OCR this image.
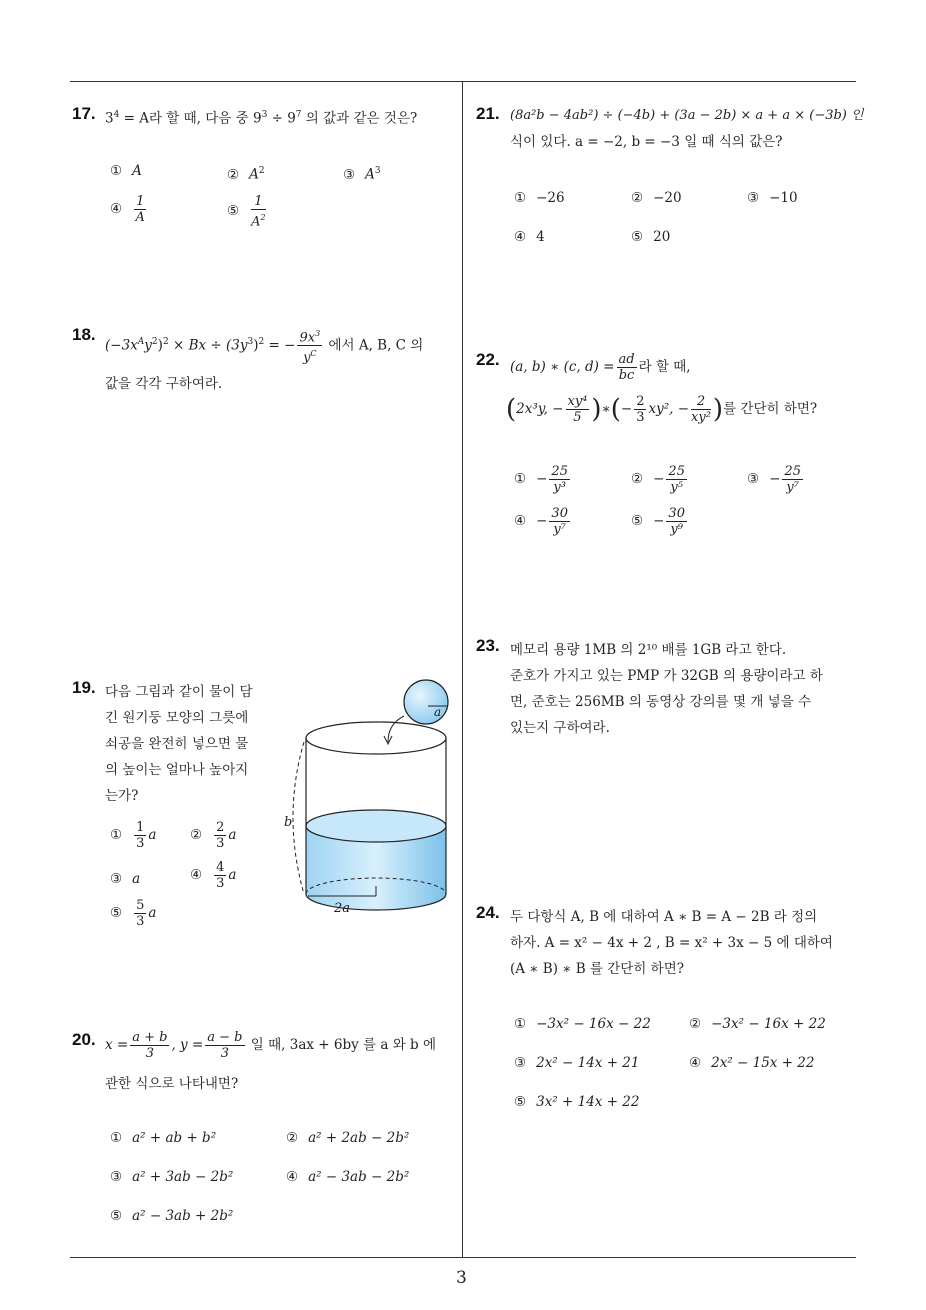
17. $3^4 = A$라 할 때, 다음 중 $9^3 \div 9^7$ 의 값과 같은 것은?
① A	② $A^2$	③ $A^3$
④ $\frac{1}{A}$	⑤ $\frac{1}{A^2}$
18.
$(-3x^Ay^2)^2 \times Bx \div (3y^3)^2$ = − $\frac{9x^3}{y^C}$ 에서 A, B, C 의
값을 각각 구하여라.
19. 다음 그림과 같이 물이 담
긴 원기둥 모양의 그릇에
쇠공을 완전히 넣으면 물
의 높이는 얼마나 높아지
는가?
① $\frac{1}{3}$ a ② $\frac{2}{3}$ a
③ a	④ $\frac{4}{3}$ a
⑤ $\frac{5}{3}$ a	2a
b
a
20. $x = \frac{a + b}{3}$ , $y = \frac{a - b}{3}$ 일 때, 3ax + 6by 를 a 와 b 에
관한 식으로 나타내면?
① a² + ab + b²	② a² + 2ab − 2b²
③ a² + 3ab − 2b²	④ a² − 3ab − 2b²
⑤ a² − 3ab + 2b²
21. (8a²b − 4ab²) ÷ (−4b) + (3a − 2b) × a + a × (−3b) 인
식이 있다. a = −2, b = −3 일 때 식의 값은?
① −26	② −20	③ −10
④ 4	⑤ 20
22. (a, b) ∗ (c, $d) = \frac{ad}{bc}$ 라 할 때,
(2x³y, − $\frac{\text{xy⁴}}{5}$ )∗(− $\frac{2}{3} xy^2$, − $\frac{2}{\text{xy²}}$ )를 간단히 하면?
① − $\frac{25}{\text{y³}}$	② − $\frac{25}{\text{y⁵}}$	③ − $\frac{25}{\text{y⁷}}$
④ − $\frac{30}{\text{y⁷}}$	⑤ − $\frac{30}{\text{y⁹}}$
23. 메모리 용량 1MB 의 2¹⁰ 배를 1GB 라고 한다.
준호가 가지고 있는 PMP 가 32GB 의 용량이라고 하
면, 준호는 256MB 의 동영상 강의를 몇 개 넣을 수
있는지 구하여라.
24. 두 다항식 A, B 에 대하여 A ∗ B = A − 2B 라 정의
하자. A = x² − 4x + 2 , B = x² + 3x − 5 에 대하여
(A ∗ B) ∗ B 를 간단히 하면?
① −3x² − 16x − 22	② −3x² − 16x + 22
③ 2x² − 14x + 21	④ 2x² − 15x + 22
⑤ 3x² + 14x + 22
3
